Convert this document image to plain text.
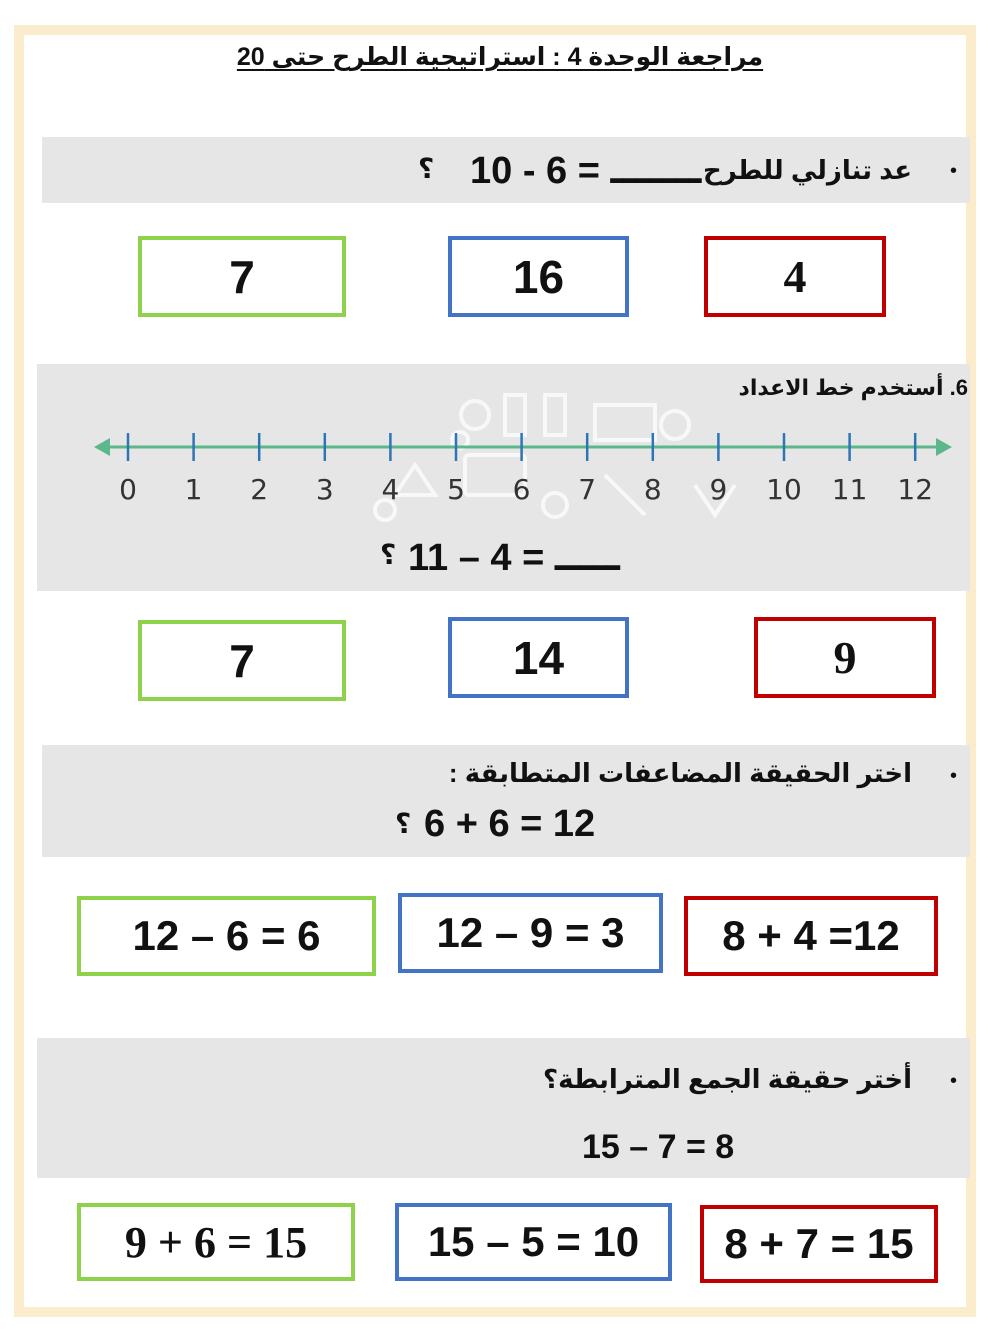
مراجعة الوحدة 4 : استراتيجية الطرح حتى 20
•
عد تنازلي للطرح
10 - 6 = ـــــــ
؟
7	16	4
6. أستخدم خط الاعداد
0 1 2 3 4 5 6 7 8 9 10 11 12
11 – 4 = ـــــ
؟
7	14	9
•
اختر الحقيقة المضاعفات المتطابقة :
6 + 6 = 12
؟
12 – 6 = 6	12 – 9 = 3	8 + 4 =12
•
أختر حقيقة الجمع المترابطة؟
15 – 7 = 8
9 + 6 = 15	15 – 5 = 10	8 + 7 = 15
